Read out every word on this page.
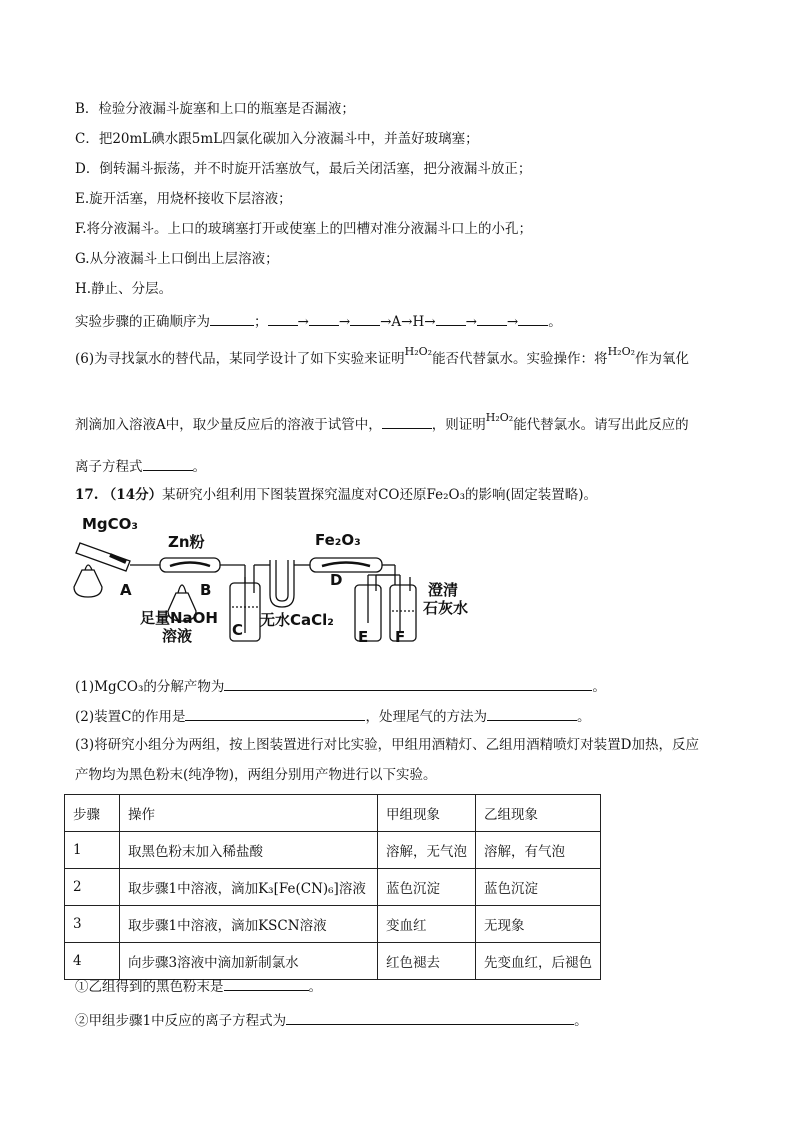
B．检验分液漏斗旋塞和上口的瓶塞是否漏液；
C．把20mL碘水跟5mL四氯化碳加入分液漏斗中，并盖好玻璃塞；
D．倒转漏斗振荡，并不时旋开活塞放气，最后关闭活塞，把分液漏斗放正；
E.旋开活塞，用烧杯接收下层溶液；
F.将分液漏斗。上口的玻璃塞打开或使塞上的凹槽对准分液漏斗口上的小孔；
G.从分液漏斗上口倒出上层溶液；
H.静止、分层。
实验步骤的正确顺序为	； → → →A→H→ → → 。
(6)为寻找氯水的替代品，某同学设计了如下实验来证明$^{H_2O_2}$能否代替氯水。实验操作：将$^{H_2O_2}$作为氧化
剂滴加入溶液A中，取少量反应后的溶液于试管中，	，则证明$^{H_2O_2}$能代替氯水。请写出此反应的
离子方程式	。
17. （14分）某研究小组利用下图装置探究温度对CO还原Fe₂O₃的影响(固定装置略)。
MgCO₃
Zn粉	Fe₂O₃
A	B
C
D
E F
足量NaOH
溶液
无水CaCl₂
澄清
石灰水
(1)MgCO₃的分解产物为	。
(2)装置C的作用是	，处理尾气的方法为	。
(3)将研究小组分为两组，按上图装置进行对比实验，甲组用酒精灯、乙组用酒精喷灯对装置D加热，反应
产物均为黑色粉末(纯净物)，两组分别用产物进行以下实验。
步骤	操作	甲组现象	乙组现象
1	取黑色粉末加入稀盐酸	溶解，无气泡	溶解，有气泡
2	取步骤1中溶液，滴加K₃[Fe(CN)₆]溶液	蓝色沉淀	蓝色沉淀
3	取步骤1中溶液，滴加KSCN溶液	变血红	无现象
4	向步骤3溶液中滴加新制氯水	红色褪去	先变血红，后褪色
①乙组得到的黑色粉末是	。
②甲组步骤1中反应的离子方程式为	。
